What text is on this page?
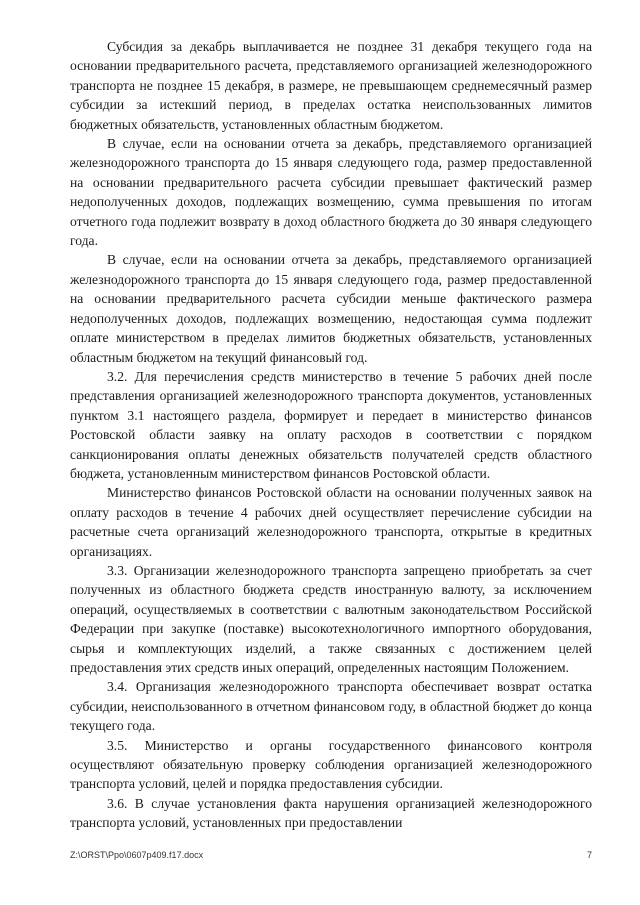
Субсидия за декабрь выплачивается не позднее 31 декабря текущего года на основании предварительного расчета, представляемого организацией железнодорожного транспорта не позднее 15 декабря, в размере, не превышающем среднемесячный размер субсидии за истекший период, в пределах остатка неиспользованных лимитов бюджетных обязательств, установленных областным бюджетом.

В случае, если на основании отчета за декабрь, представляемого организацией железнодорожного транспорта до 15 января следующего года, размер предоставленной на основании предварительного расчета субсидии превышает фактический размер недополученных доходов, подлежащих возмещению, сумма превышения по итогам отчетного года подлежит возврату в доход областного бюджета до 30 января следующего года.

В случае, если на основании отчета за декабрь, представляемого организацией железнодорожного транспорта до 15 января следующего года, размер предоставленной на основании предварительного расчета субсидии меньше фактического размера недополученных доходов, подлежащих возмещению, недостающая сумма подлежит оплате министерством в пределах лимитов бюджетных обязательств, установленных областным бюджетом на текущий финансовый год.

3.2. Для перечисления средств министерство в течение 5 рабочих дней после представления организацией железнодорожного транспорта документов, установленных пунктом 3.1 настоящего раздела, формирует и передает в министерство финансов Ростовской области заявку на оплату расходов в соответствии с порядком санкционирования оплаты денежных обязательств получателей средств областного бюджета, установленным министерством финансов Ростовской области.

Министерство финансов Ростовской области на основании полученных заявок на оплату расходов в течение 4 рабочих дней осуществляет перечисление субсидии на расчетные счета организаций железнодорожного транспорта, открытые в кредитных организациях.

3.3. Организации железнодорожного транспорта запрещено приобретать за счет полученных из областного бюджета средств иностранную валюту, за исключением операций, осуществляемых в соответствии с валютным законодательством Российской Федерации при закупке (поставке) высокотехнологичного импортного оборудования, сырья и комплектующих изделий, а также связанных с достижением целей предоставления этих средств иных операций, определенных настоящим Положением.

3.4. Организация железнодорожного транспорта обеспечивает возврат остатка субсидии, неиспользованного в отчетном финансовом году, в областной бюджет до конца текущего года.

3.5. Министерство и органы государственного финансового контроля осуществляют обязательную проверку соблюдения организацией железнодорожного транспорта условий, целей и порядка предоставления субсидии.

3.6. В случае установления факта нарушения организацией железнодорожного транспорта условий, установленных при предоставлении

Z:\ORST\Ppo\0607p409.f17.docx	7
